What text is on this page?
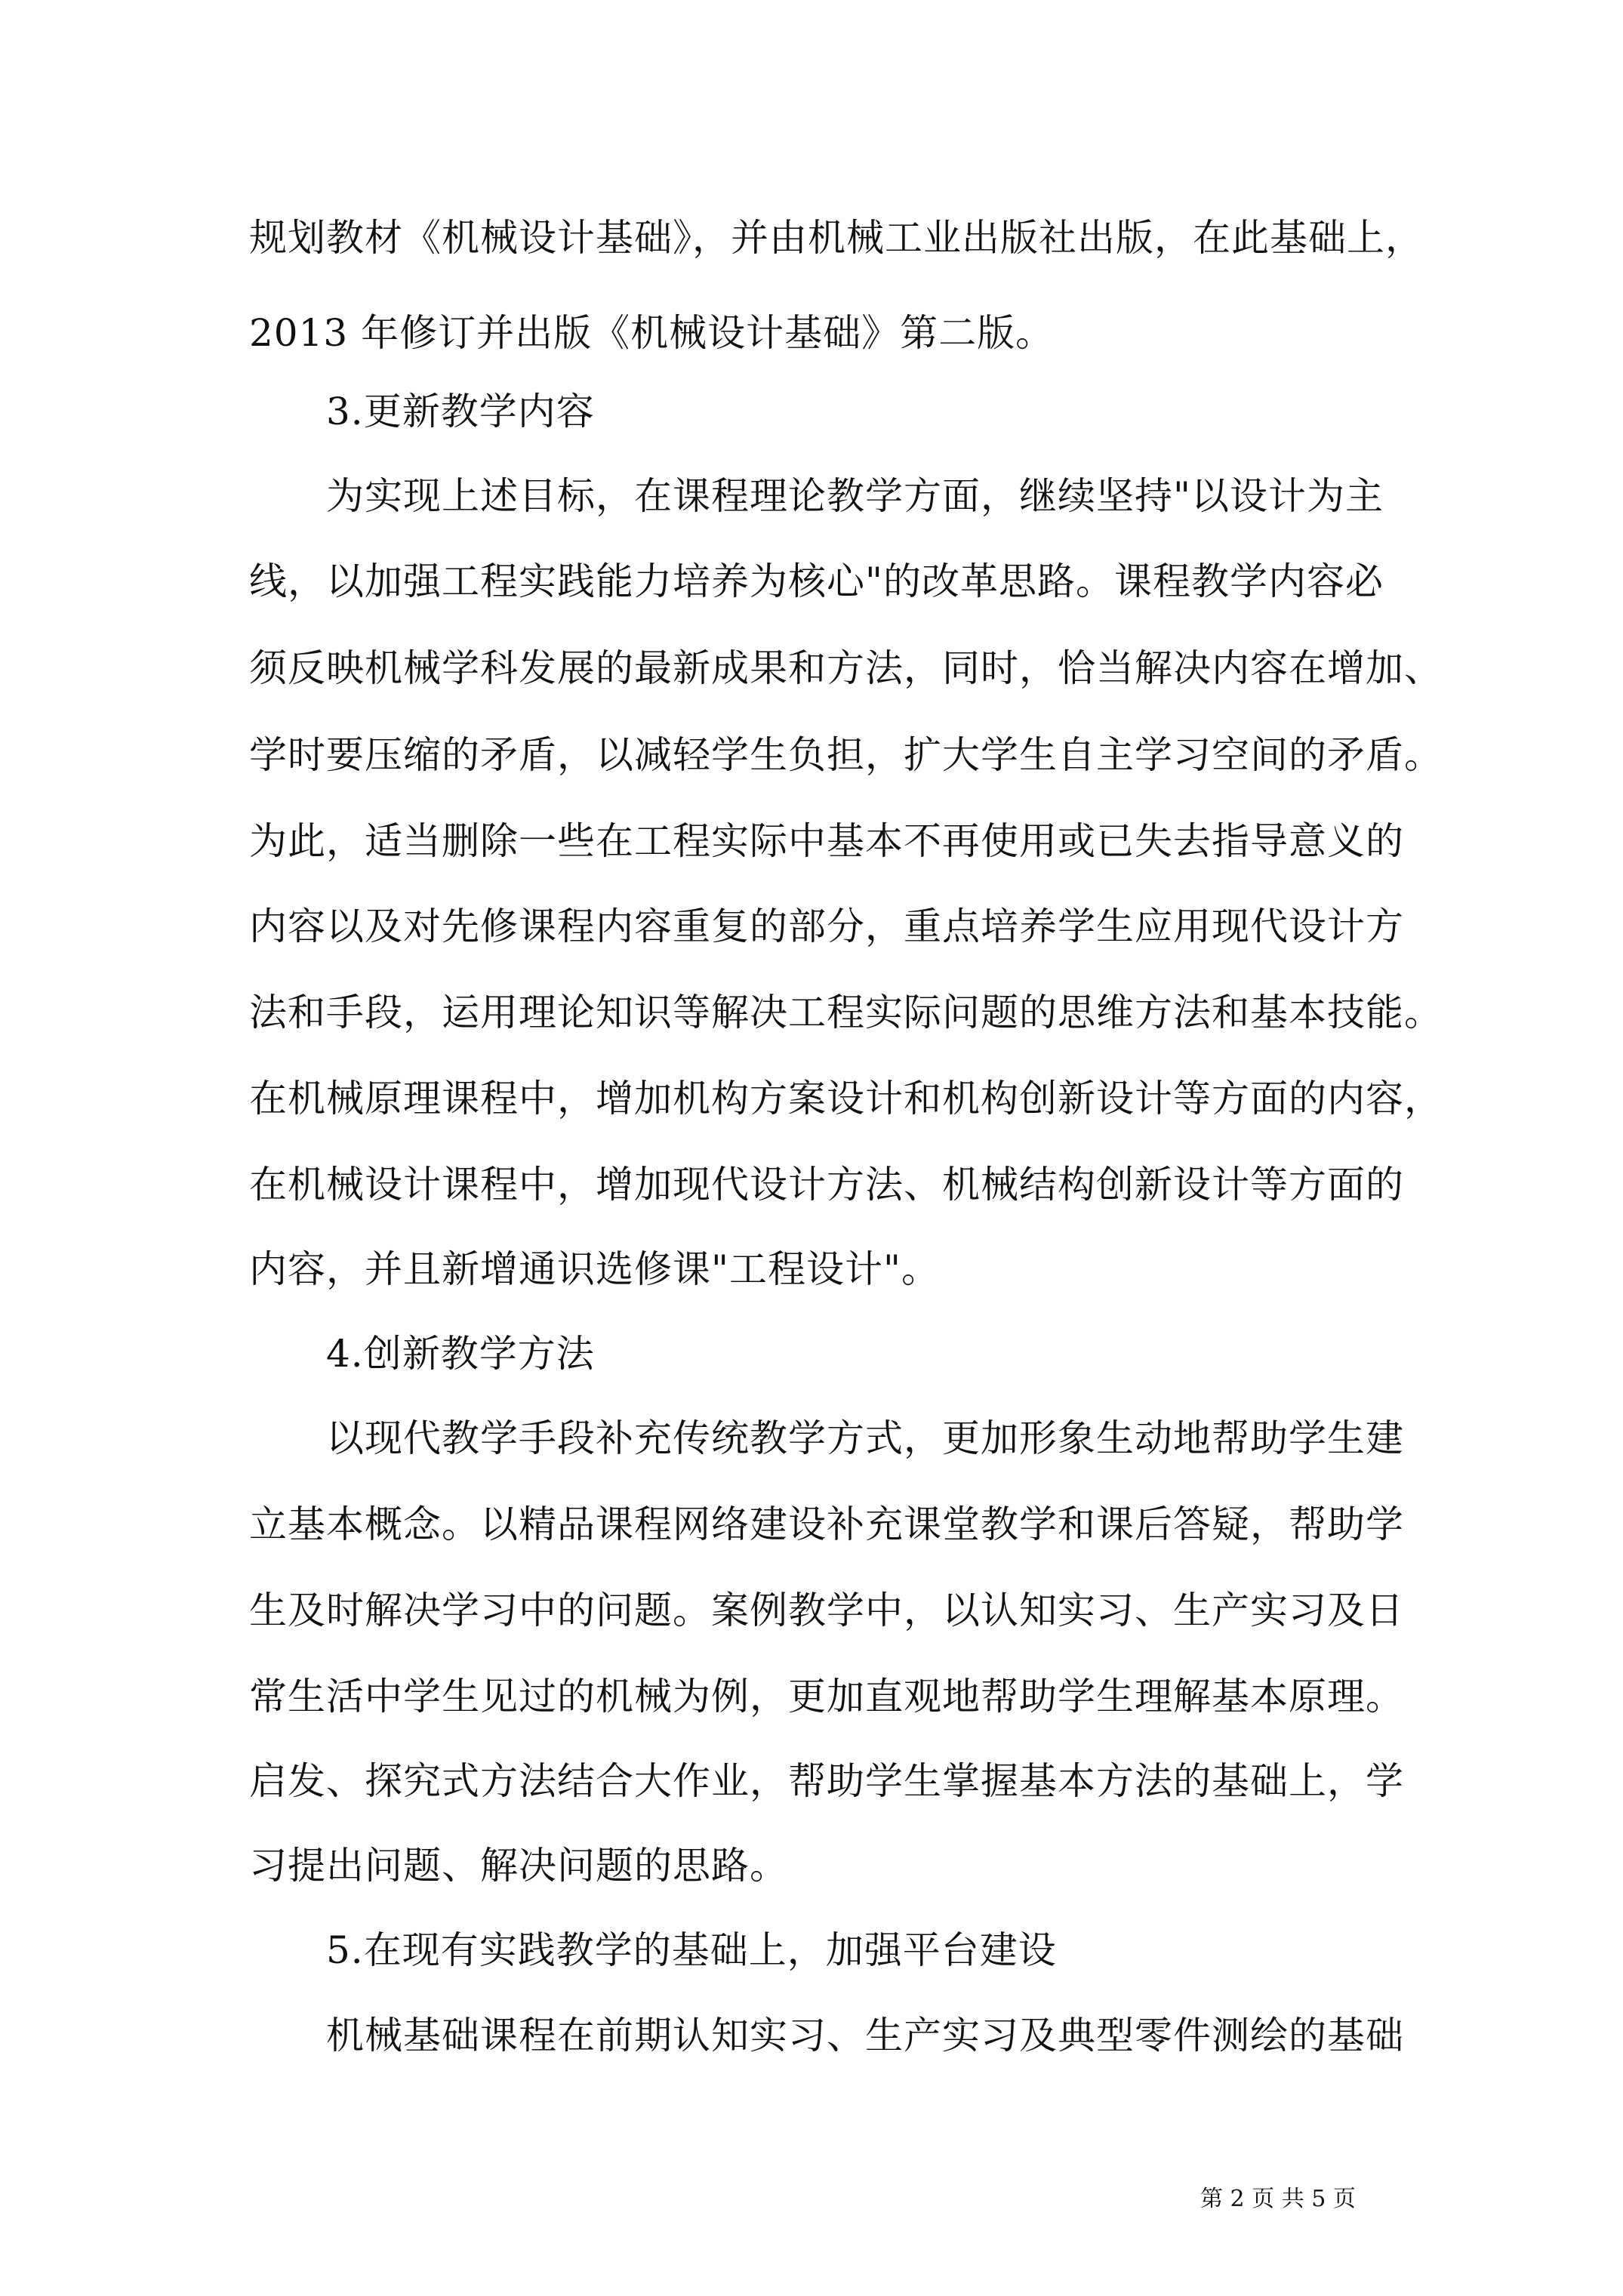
规划教材《机械设计基础》，并由机械工业出版社出版，在此基础上，
2013 年修订并出版《机械设计基础》第二版。
3.更新教学内容
为实现上述目标，在课程理论教学方面，继续坚持"以设计为主
线，以加强工程实践能力培养为核心"的改革思路。课程教学内容必
须反映机械学科发展的最新成果和方法，同时，恰当解决内容在增加、
学时要压缩的矛盾，以减轻学生负担，扩大学生自主学习空间的矛盾。
为此，适当删除一些在工程实际中基本不再使用或已失去指导意义的
内容以及对先修课程内容重复的部分，重点培养学生应用现代设计方
法和手段，运用理论知识等解决工程实际问题的思维方法和基本技能。
在机械原理课程中，增加机构方案设计和机构创新设计等方面的内容，
在机械设计课程中，增加现代设计方法、机械结构创新设计等方面的
内容，并且新增通识选修课"工程设计"。
4.创新教学方法
以现代教学手段补充传统教学方式，更加形象生动地帮助学生建
立基本概念。以精品课程网络建设补充课堂教学和课后答疑，帮助学
生及时解决学习中的问题。案例教学中，以认知实习、生产实习及日
常生活中学生见过的机械为例，更加直观地帮助学生理解基本原理。
启发、探究式方法结合大作业，帮助学生掌握基本方法的基础上，学
习提出问题、解决问题的思路。
5.在现有实践教学的基础上，加强平台建设
机械基础课程在前期认知实习、生产实习及典型零件测绘的基础
第 2 页 共 5 页
